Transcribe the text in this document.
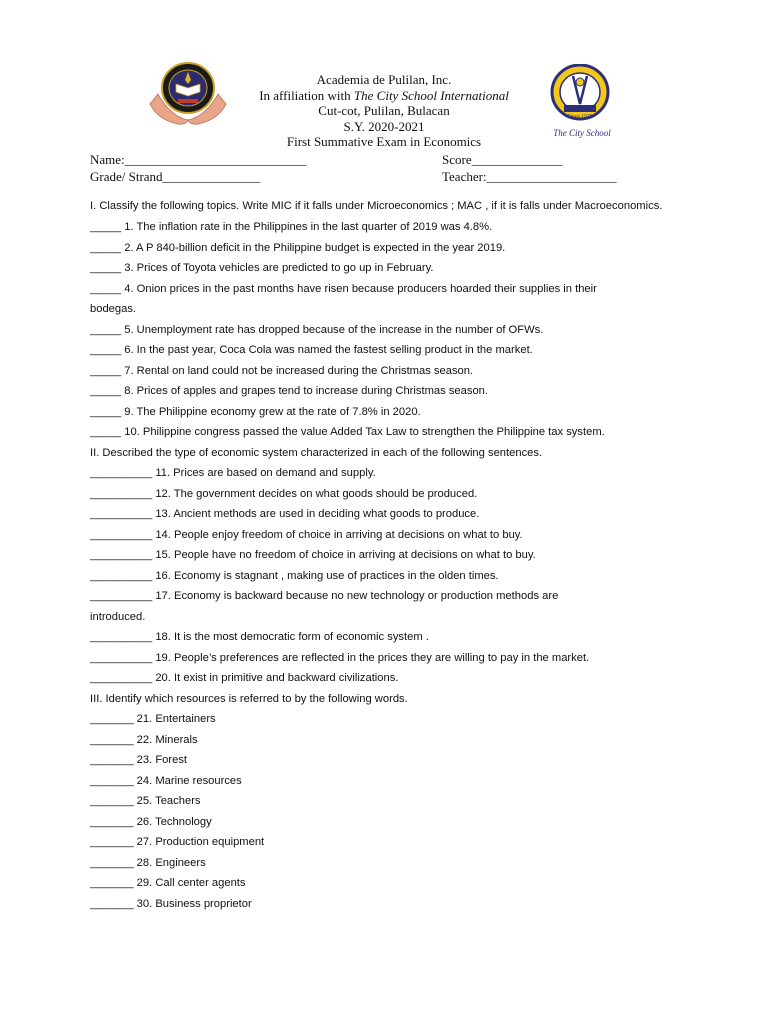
Academia de Pulilan, Inc.
In affiliation with The City School International
Cut-cot, Pulilan, Bulacan
S.Y. 2020-2021
First Summative Exam in Economics
Since 1978
The City School
Name:____________________________	Score______________
Grade/ Strand_______________	Teacher:____________________
I. Classify the following topics. Write MIC if it falls under Microeconomics ; MAC , if it is falls under Macroeconomics.
_____ 1. The inflation rate in the Philippines in the last quarter of 2019 was 4.8%.
_____ 2. A P 840-billion deficit in the Philippine budget is expected in the year 2019.
_____ 3. Prices of Toyota vehicles are predicted to go up in February.
_____ 4. Onion prices in the past months have risen because producers hoarded their supplies in their
bodegas.
_____ 5. Unemployment rate has dropped because of the increase in the number of OFWs.
_____ 6. In the past year, Coca Cola was named the fastest selling product in the market.
_____ 7. Rental on land could not be increased during the Christmas season.
_____ 8. Prices of apples and grapes tend to increase during Christmas season.
_____ 9. The Philippine economy grew at the rate of 7.8% in 2020.
_____ 10. Philippine congress passed the value Added Tax Law to strengthen the Philippine tax system.
II. Described the type of economic system characterized in each of the following sentences.
__________ 11. Prices are based on demand and supply.
__________ 12. The government decides on what goods should be produced.
__________ 13. Ancient methods are used in deciding what goods to produce.
__________ 14. People enjoy freedom of choice in arriving at decisions on what to buy.
__________ 15. People have no freedom of choice in arriving at decisions on what to buy.
__________ 16. Economy is stagnant , making use of practices in the olden times.
__________ 17. Economy is backward because no new technology or production methods are
introduced.
__________ 18. It is the most democratic form of economic system .
__________ 19. People’s preferences are reflected in the prices they are willing to pay in the market.
__________ 20. It exist in primitive and backward civilizations.
III. Identify which resources is referred to by the following words.
_______ 21. Entertainers
_______ 22. Minerals
_______ 23. Forest
_______ 24. Marine resources
_______ 25. Teachers
_______ 26. Technology
_______ 27. Production equipment
_______ 28. Engineers
_______ 29. Call center agents
_______ 30. Business proprietor
